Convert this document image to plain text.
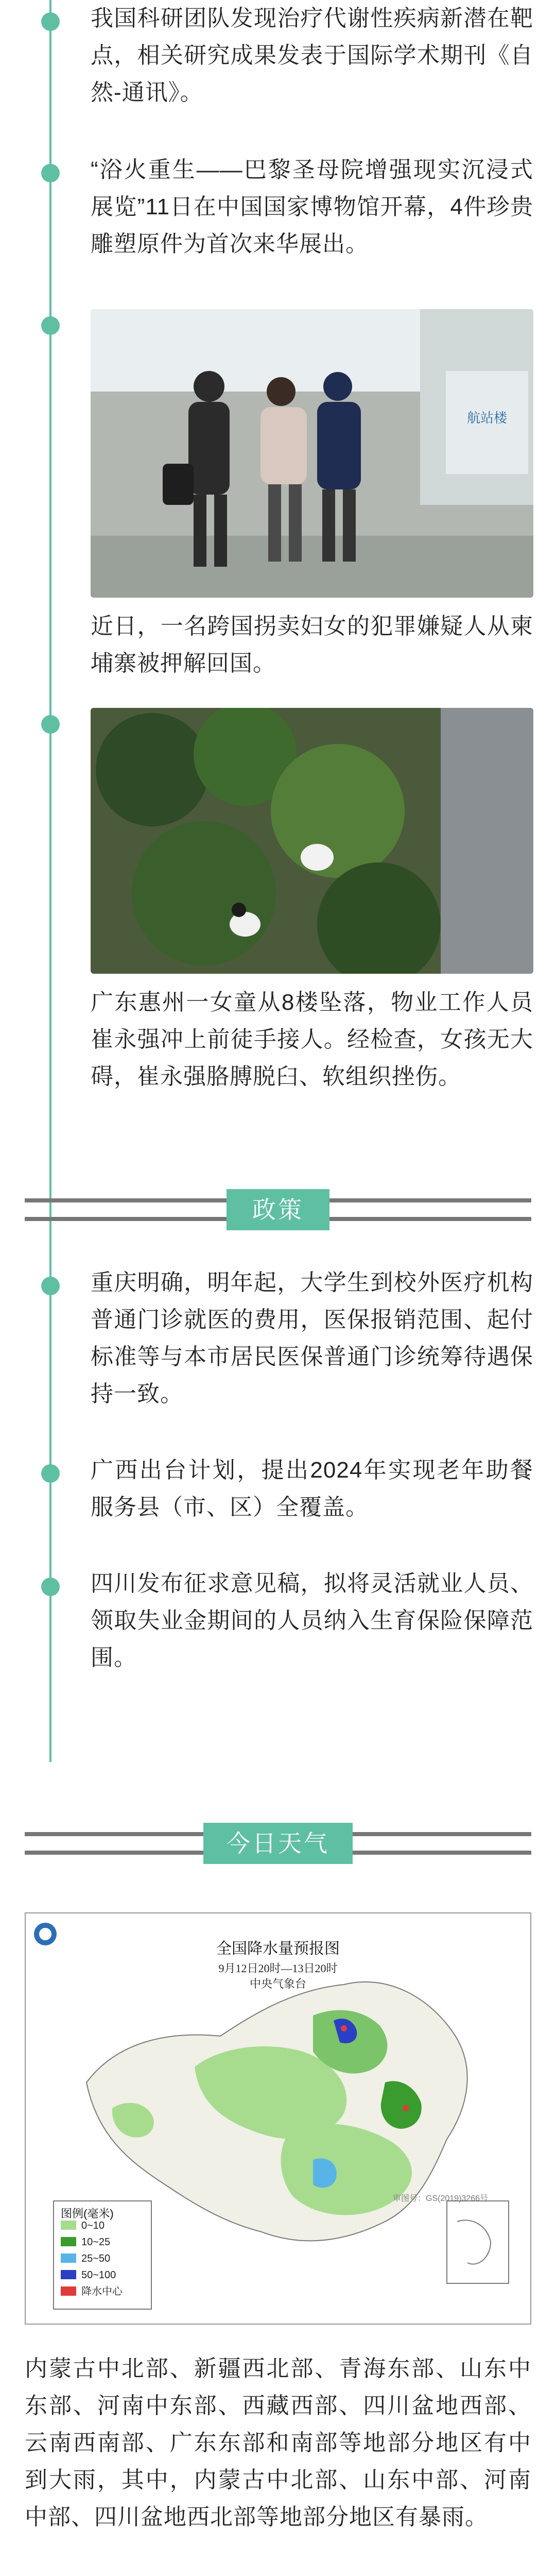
我国科研团队发现治疗代谢性疾病新潜在靶点，相关研究成果发表于国际学术期刊《自然-通讯》。
“浴火重生——巴黎圣母院增强现实沉浸式展览”11日在中国国家博物馆开幕，4件珍贵雕塑原件为首次来华展出。
航站楼
近日，一名跨国拐卖妇女的犯罪嫌疑人从柬埔寨被押解回国。
广东惠州一女童从8楼坠落，物业工作人员崔永强冲上前徒手接人。经检查，女孩无大碍，崔永强胳膊脱臼、软组织挫伤。
政策
重庆明确，明年起，大学生到校外医疗机构普通门诊就医的费用，医保报销范围、起付标准等与本市居民医保普通门诊统筹待遇保持一致。
广西出台计划，提出2024年实现老年助餐服务县（市、区）全覆盖。
四川发布征求意见稿，拟将灵活就业人员、领取失业金期间的人员纳入生育保险保障范围。
今日天气
全国降水量预报图
9月12日20时—13日20时
中央气象台
图例(毫米)
0~10
10~25
25~50
50~100
降水中心
审图号：GS(2019)3266号
内蒙古中北部、新疆西北部、青海东部、山东中东部、河南中东部、西藏西部、四川盆地西部、云南西南部、广东东部和南部等地部分地区有中到大雨，其中，内蒙古中北部、山东中部、河南中部、四川盆地西北部等地部分地区有暴雨。
